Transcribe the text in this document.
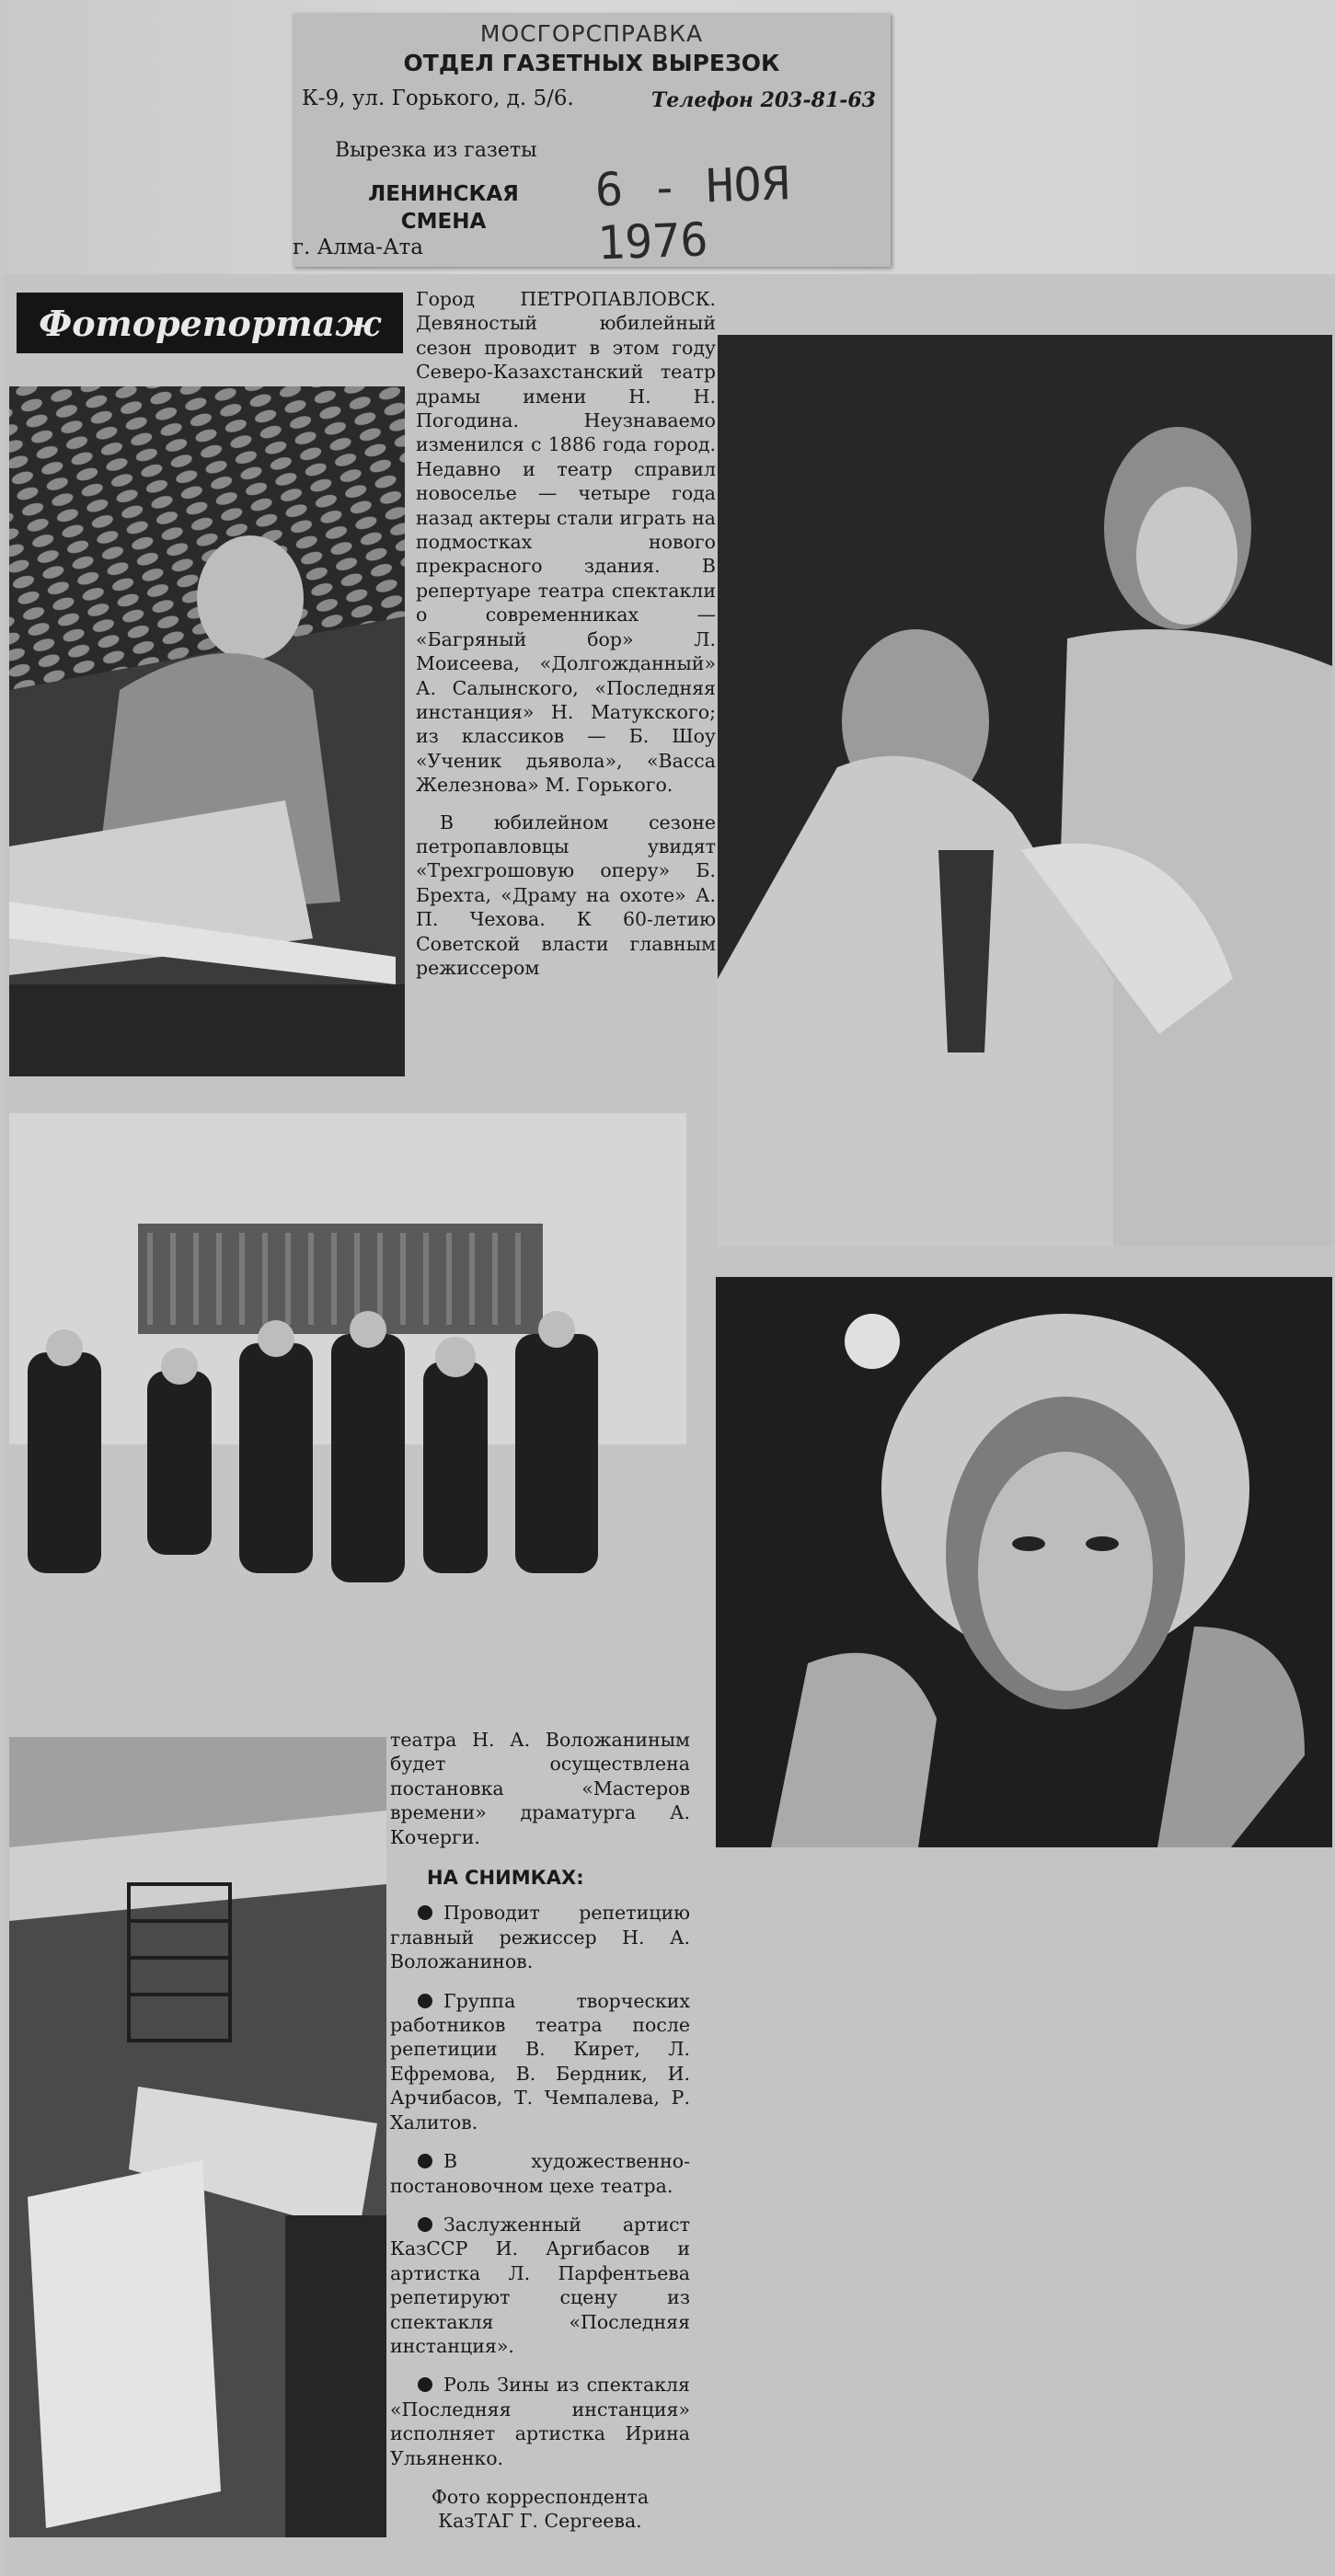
МОСГОРСПРАВКА
ОТДЕЛ ГАЗЕТНЫХ ВЫРЕЗОК
К-9, ул. Горького, д. 5/6.	Телефон 203-81-63
Вырезка из газеты
ЛЕНИНСКАЯ
СМЕНА
6 - НОЯ 1976
г. Алма-Ата
Фоторепортаж

Город ПЕТРОПАВЛОВСК. Девяностый юбилейный сезон проводит в этом году Северо-Казахстанский театр драмы имени Н. Н. Погодина. Неузнаваемо изменился с 1886 года город. Недавно и театр справил новоселье — четыре года назад актеры стали играть на подмостках нового прекрасного здания. В репертуаре театра спектакли о современниках — «Багряный бор» Л. Моисеева, «Долгожданный» А. Салынского, «Последняя инстанция» Н. Матукского; из классиков — Б. Шоу «Ученик дьявола», «Васса Железнова» М. Горького.

В юбилейном сезоне петропавловцы увидят «Трехгрошовую оперу» Б. Брехта, «Драму на охоте» А. П. Чехова. К 60-летию Советской власти главным режиссером

театра Н. А. Воложаниным будет осуществлена постановка «Мастеров времени» драматурга А. Кочерги.

НА СНИМКАХ:
Проводит репетицию главный режиссер Н. А. Воложанинов.
Группа творческих работников театра после репетиции В. Кирет, Л. Ефремова, В. Бердник, И. Арчибасов, Т. Чемпалева, Р. Халитов.
В художественно-постановочном цехе театра.
Заслуженный артист КазССР И. Аргибасов и артистка Л. Парфентьева репетируют сцену из спектакля «Последняя инстанция».
Роль Зины из спектакля «Последняя инстанция» исполняет артистка Ирина Ульяненко.
Фото корреспондента
КазТАГ Г. Сергеева.
